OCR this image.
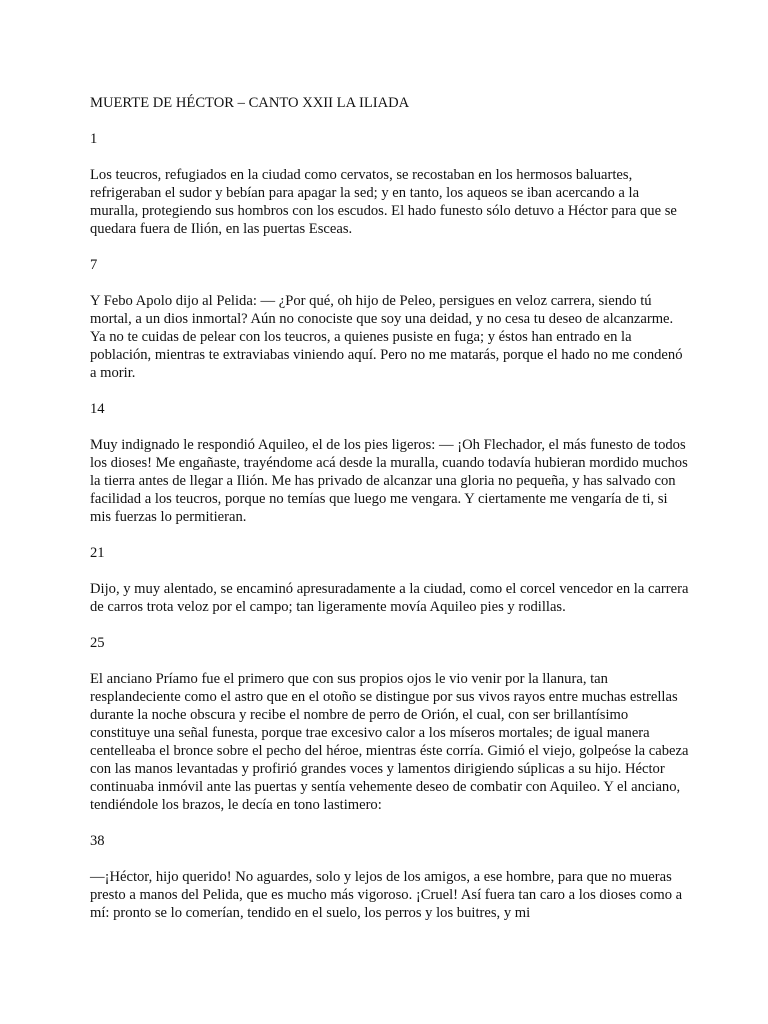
MUERTE DE HÉCTOR – CANTO XXII LA ILIADA

1

Los teucros, refugiados en la ciudad como cervatos, se recostaban en los hermosos baluartes, refrigeraban el sudor y bebían para apagar la sed; y en tanto, los aqueos se iban acercando a la muralla, protegiendo sus hombros con los escudos. El hado funesto sólo detuvo a Héctor para que se quedara fuera de Ilión, en las puertas Esceas.

7

Y Febo Apolo dijo al Pelida: — ¿Por qué, oh hijo de Peleo, persigues en veloz carrera, siendo tú mortal, a un dios inmortal? Aún no conociste que soy una deidad, y no cesa tu deseo de alcanzarme. Ya no te cuidas de pelear con los teucros, a quienes pusiste en fuga; y éstos han entrado en la población, mientras te extraviabas viniendo aquí. Pero no me matarás, porque el hado no me condenó a morir.

14

Muy indignado le respondió Aquileo, el de los pies ligeros: — ¡Oh Flechador, el más funesto de todos los dioses! Me engañaste, trayéndome acá desde la muralla, cuando todavía hubieran mordido muchos la tierra antes de llegar a Ilión. Me has privado de alcanzar una gloria no pequeña, y has salvado con facilidad a los teucros, porque no temías que luego me vengara. Y ciertamente me vengaría de ti, si mis fuerzas lo permitieran.

21

Dijo, y muy alentado, se encaminó apresuradamente a la ciudad, como el corcel vencedor en la carrera de carros trota veloz por el campo; tan ligeramente movía Aquileo pies y rodillas.

25

El anciano Príamo fue el primero que con sus propios ojos le vio venir por la llanura, tan resplandeciente como el astro que en el otoño se distingue por sus vivos rayos entre muchas estrellas durante la noche obscura y recibe el nombre de perro de Orión, el cual, con ser brillantísimo constituye una señal funesta, porque trae excesivo calor a los míseros mortales; de igual manera centelleaba el bronce sobre el pecho del héroe, mientras éste corría. Gimió el viejo, golpeóse la cabeza con las manos levantadas y profirió grandes voces y lamentos dirigiendo súplicas a su hijo. Héctor continuaba inmóvil ante las puertas y sentía vehemente deseo de combatir con Aquileo. Y el anciano, tendiéndole los brazos, le decía en tono lastimero:

38

—¡Héctor, hijo querido! No aguardes, solo y lejos de los amigos, a ese hombre, para que no mueras presto a manos del Pelida, que es mucho más vigoroso. ¡Cruel! Así fuera tan caro a los dioses como a mí: pronto se lo comerían, tendido en el suelo, los perros y los buitres, y mi
